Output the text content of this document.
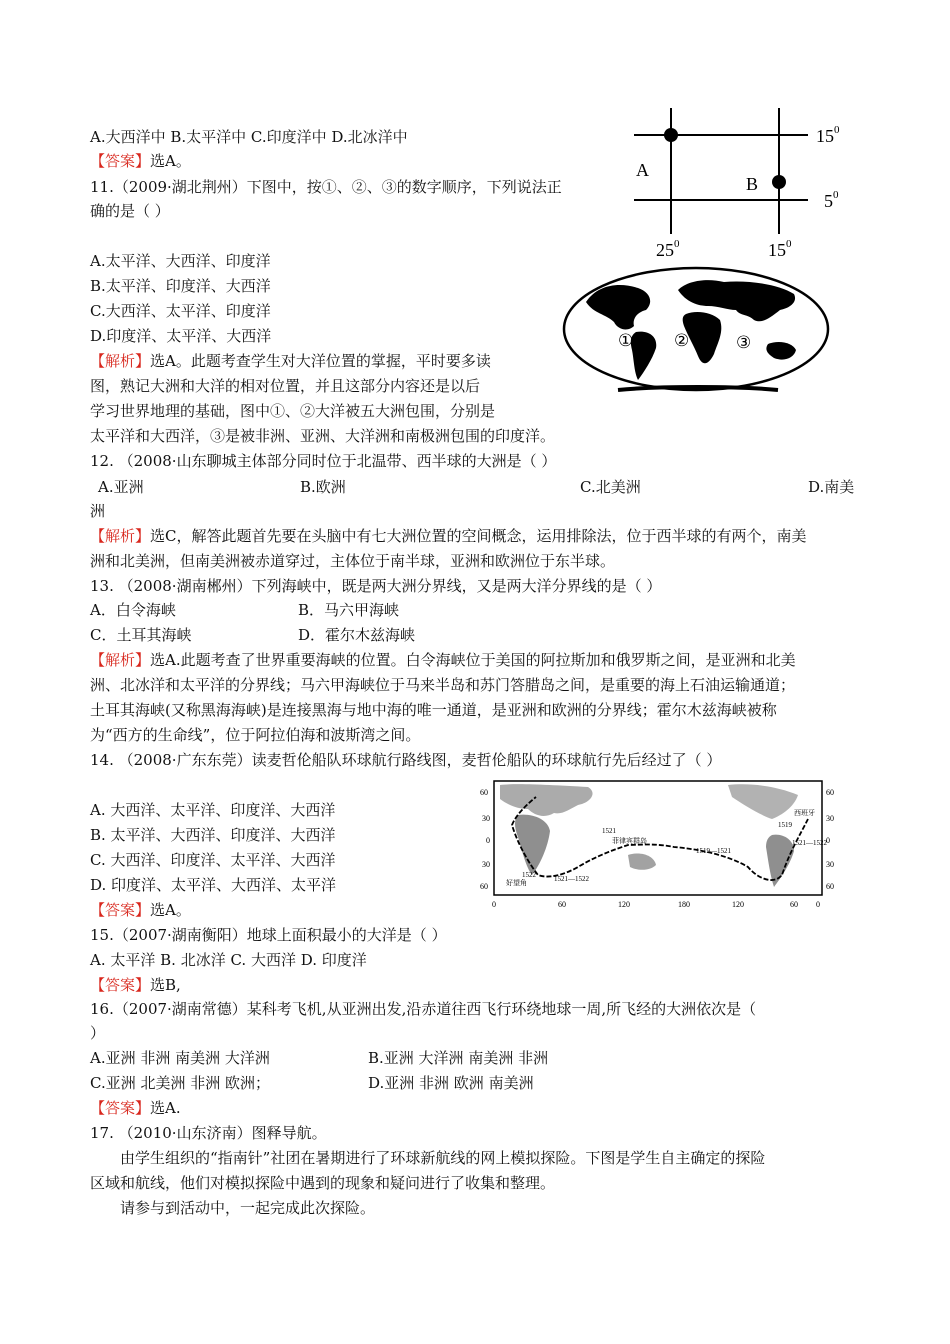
A.大西洋中 B.太平洋中 C.印度洋中 D.北冰洋中
【答案】选A。	A
B
$15^0$
$5^0$
$25^0$	$15^0$
11.（2009·湖北荆州）下图中，按①、②、③的数字顺序，下列说法正
确的是（ ）
A.太平洋、大西洋、印度洋
B.太平洋、印度洋、大西洋
C.大西洋、太平洋、印度洋
D.印度洋、太平洋、大西洋
【解析】选A。此题考查学生对大洋位置的掌握，平时要多读
图，熟记大洲和大洋的相对位置，并且这部分内容还是以后
学习世界地理的基础，图中①、②大洋被五大洲包围，分别是
太平洋和大西洋，③是被非洲、亚洲、大洋洲和南极洲包围的印度洋。
① ②	③
12. （2008·山东聊城主体部分同时位于北温带、西半球的大洲是（ ）
A.亚洲	B.欧洲	C.北美洲	D.南美
洲
【解析】选C，解答此题首先要在头脑中有七大洲位置的空间概念，运用排除法，位于西半球的有两个，南美
洲和北美洲，但南美洲被赤道穿过，主体位于南半球，亚洲和欧洲位于东半球。
13. （2008·湖南郴州）下列海峡中，既是两大洲分界线，又是两大洋分界线的是（ ）
A．白令海峡	B．马六甲海峡
C．土耳其海峡	D．霍尔木兹海峡
【解析】选A.此题考查了世界重要海峡的位置。白令海峡位于美国的阿拉斯加和俄罗斯之间，是亚洲和北美
洲、北冰洋和太平洋的分界线；马六甲海峡位于马来半岛和苏门答腊岛之间，是重要的海上石油运输通道；
土耳其海峡(又称黑海海峡)是连接黑海与地中海的唯一通道，是亚洲和欧洲的分界线；霍尔木兹海峡被称
为“西方的生命线”，位于阿拉伯海和波斯湾之间。
14. （2008·广东东莞）读麦哲伦船队环球航行路线图，麦哲伦船队的环球航行先后经过了（ ）
A. 大西洋、太平洋、印度洋、大西洋
B. 太平洋、大西洋、印度洋、大西洋
C. 大西洋、印度洋、太平洋、大西洋
D. 印度洋、太平洋、大西洋、太平洋
【答案】选A。
60
30
0
30
60
60
30
0
30
60
0	60	120	180	120	60 0
1521
菲律宾群岛
1519—1521
1522	1521—1522
好望角
1519
西班牙
1521—1522
15.（2007·湖南衡阳）地球上面积最小的大洋是（ ）
A. 太平洋 B. 北冰洋 C. 大西洋 D. 印度洋
【答案】选B,
16.（2007·湖南常德）某科考飞机,从亚洲出发,沿赤道往西飞行环绕地球一周,所飞经的大洲依次是（
）
A.亚洲 非洲 南美洲 大洋洲	B.亚洲 大洋洲 南美洲 非洲
C.亚洲 北美洲 非洲 欧洲；	D.亚洲 非洲 欧洲 南美洲
【答案】选A.
17. （2010·山东济南）图释导航。
由学生组织的“指南针”社团在暑期进行了环球新航线的网上模拟探险。下图是学生自主确定的探险
区域和航线，他们对模拟探险中遇到的现象和疑问进行了收集和整理。
请参与到活动中，一起完成此次探险。
